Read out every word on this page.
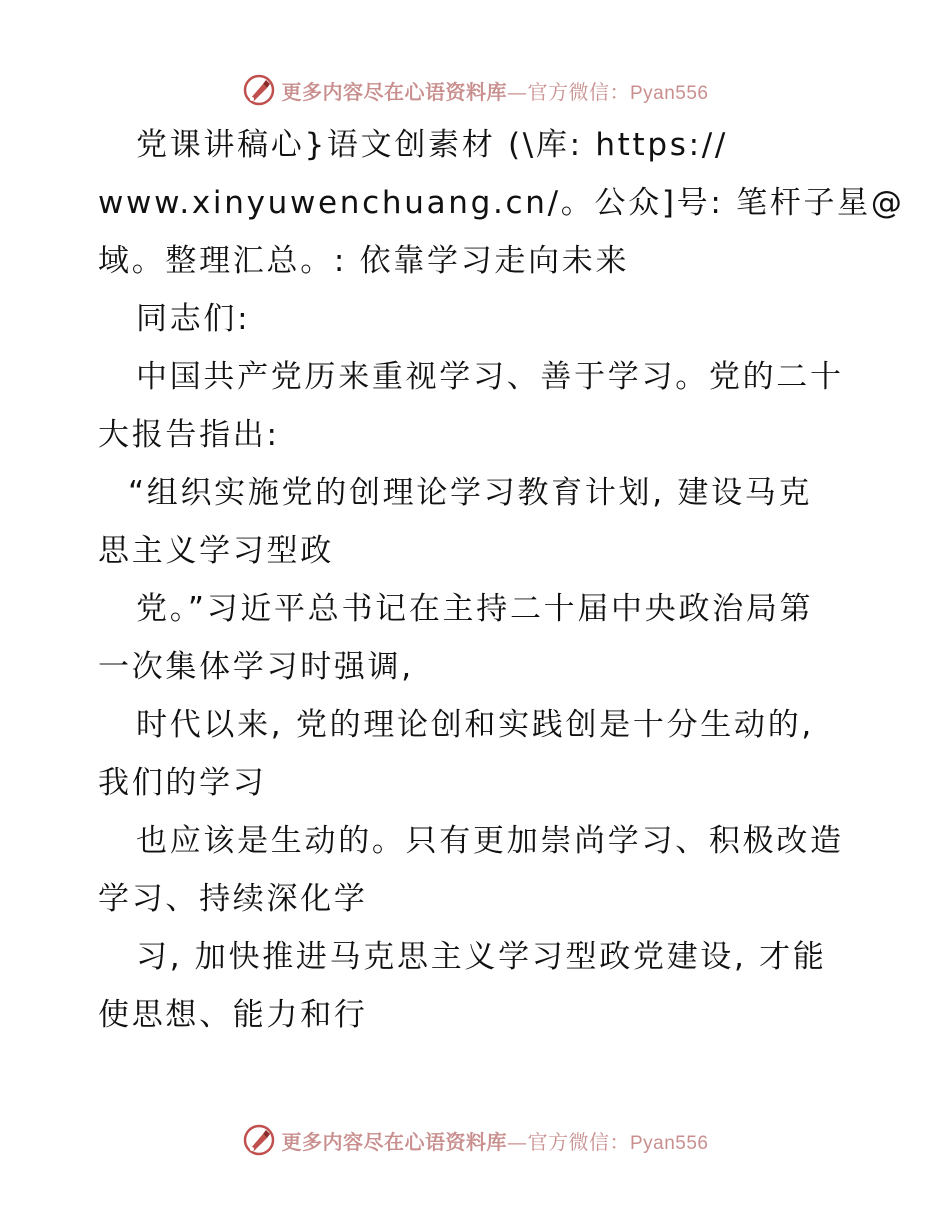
更多内容尽在心语资料库—官方微信：Pyan556
党课讲稿心}语文创素材 (\库: https://
www.xinyuwenchuang.cn/。公众]号: 笔杆子星@
域。整理汇总。: 依靠学习走向未来
同志们:
中国共产党历来重视学习、善于学习。党的二十
大报告指出:
“组织实施党的创理论学习教育计划, 建设马克
思主义学习型政
党。”习近平总书记在主持二十届中央政治局第
一次集体学习时强调,
时代以来, 党的理论创和实践创是十分生动的,
我们的学习
也应该是生动的。只有更加崇尚学习、积极改造
学习、持续深化学
习, 加快推进马克思主义学习型政党建设, 才能
使思想、能力和行
更多内容尽在心语资料库—官方微信：Pyan556
